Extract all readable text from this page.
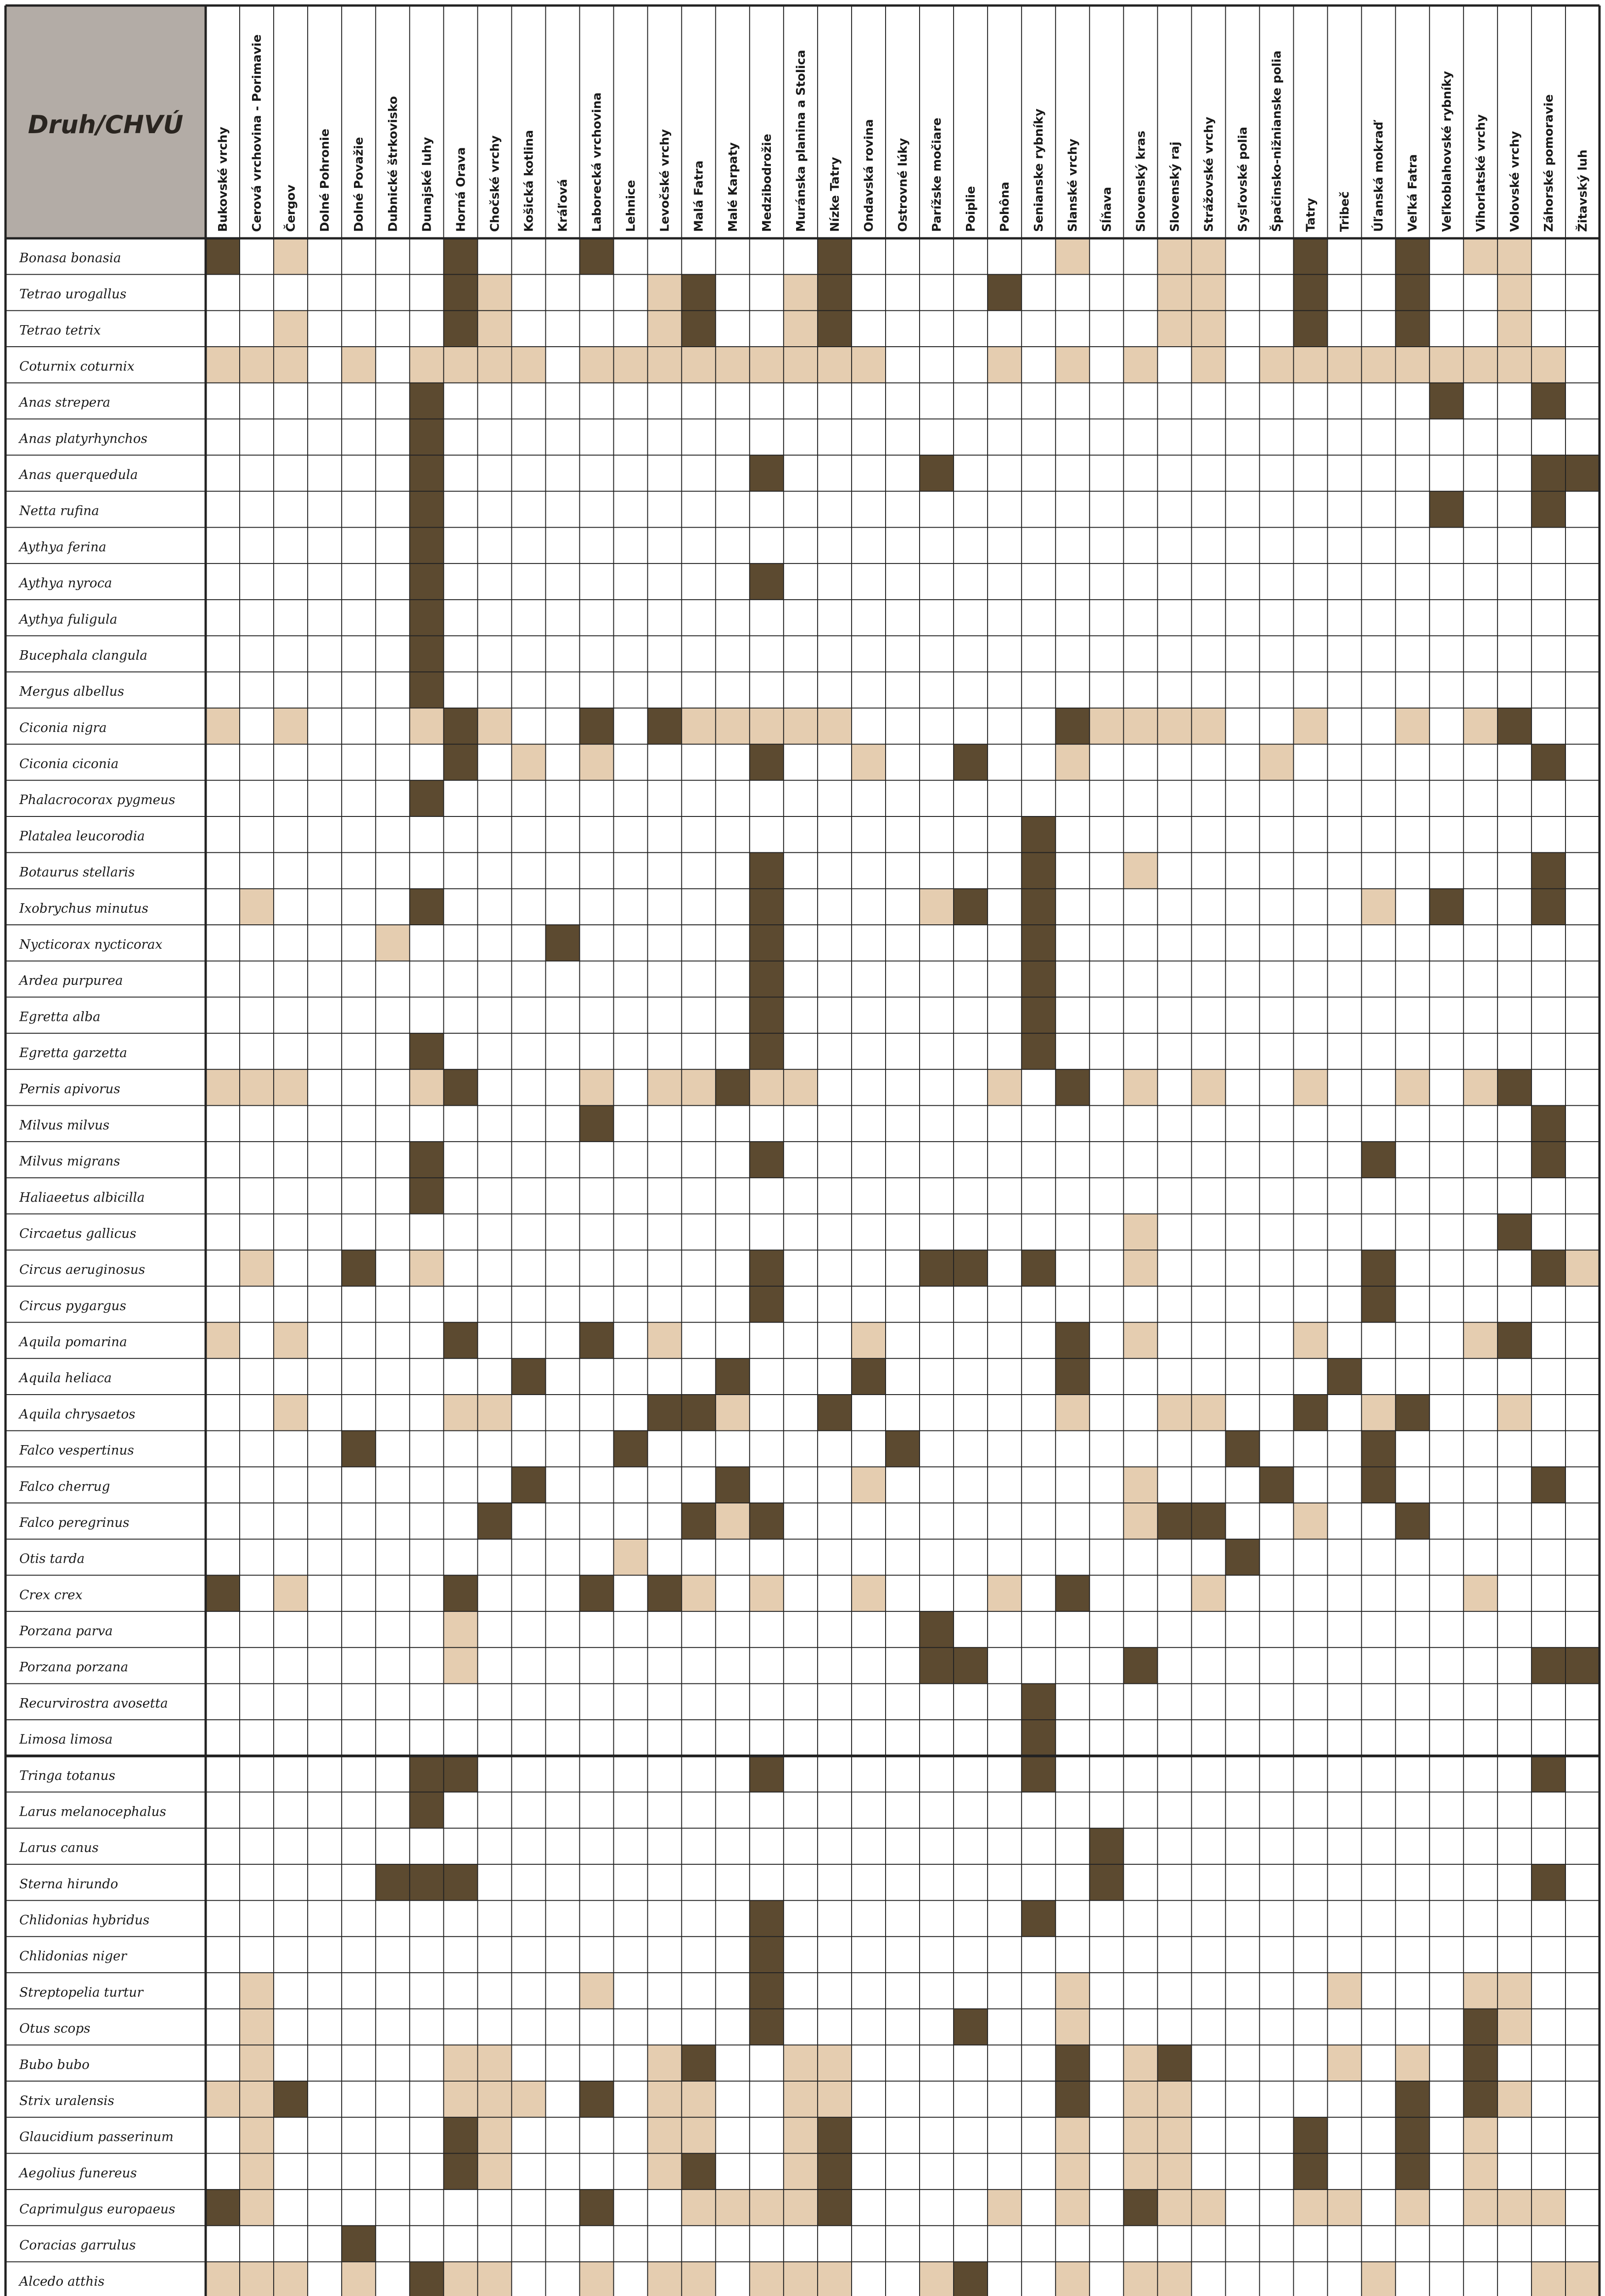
Druh/CHVÚ
Bukovské vrchy Cerová vrchovina - Porimavie Čergov Dolné Pohronie Dolné Považie Dubnické štrkovisko Dunajské luhy Horná Orava Chočské vrchy Košická kotlina Kráľová Laborecká vrchovina Lehnice Levočské vrchy Malá Fatra Malé Karpaty Medzibodrožie Muránska planina a Stolica Nízke Tatry Ondavská rovina Ostrovné lúky Parížske močiare Poiplie Pohôna Senianske rybníky Slanské vrchy Sĺňava Slovenský kras Slovenský raj Strážovské vrchy Sysľovské polia Špačinsko-nižnianske polia Tatry Tribeč Úľanská mokraď Veľká Fatra Veľkoblahovské rybníky Vihorlatské vrchy Volovské vrchy Záhorské pomoravie Žitavský luh
Bonasa bonasia
Tetrao urogallus
Tetrao tetrix
Coturnix coturnix
Anas strepera
Anas platyrhynchos
Anas querquedula
Netta rufina
Aythya ferina
Aythya nyroca
Aythya fuligula
Bucephala clangula
Mergus albellus
Ciconia nigra
Ciconia ciconia
Phalacrocorax pygmeus
Platalea leucorodia
Botaurus stellaris
Ixobrychus minutus
Nycticorax nycticorax
Ardea purpurea
Egretta alba
Egretta garzetta
Pernis apivorus
Milvus milvus
Milvus migrans
Haliaeetus albicilla
Circaetus gallicus
Circus aeruginosus
Circus pygargus
Aquila pomarina
Aquila heliaca
Aquila chrysaetos
Falco vespertinus
Falco cherrug
Falco peregrinus
Otis tarda
Crex crex
Porzana parva
Porzana porzana
Recurvirostra avosetta
Limosa limosa
Tringa totanus
Larus melanocephalus
Larus canus
Sterna hirundo
Chlidonias hybridus
Chlidonias niger
Streptopelia turtur
Otus scops
Bubo bubo
Strix uralensis
Glaucidium passerinum
Aegolius funereus
Caprimulgus europaeus
Coracias garrulus
Alcedo atthis
